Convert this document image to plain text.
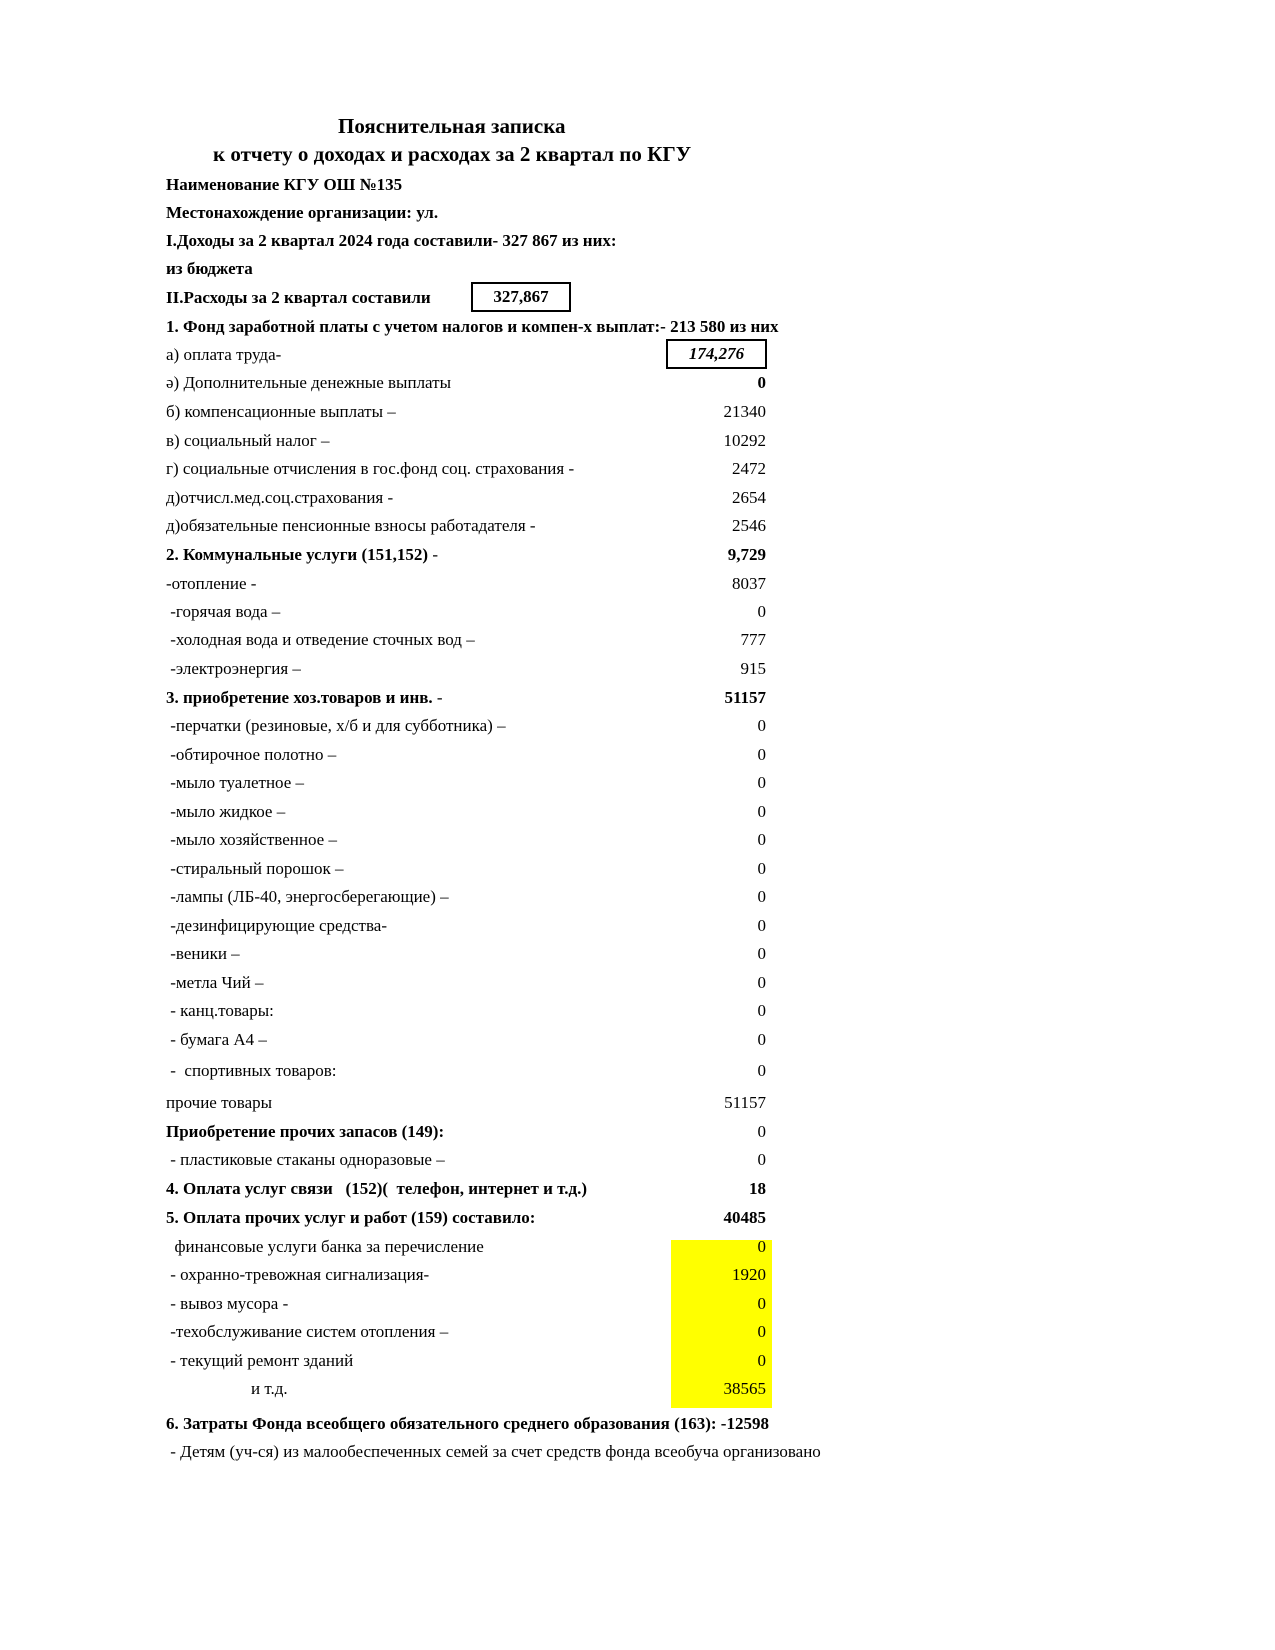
Пояснительная записка
к отчету о доходах и расходах за 2 квартал по КГУ
Наименование КГУ ОШ №135
Местонахождение организации: ул.
I.Доходы за 2 квартал 2024 года составили- 327 867 из них:
из бюджета
II.Расходы за 2 квартал составили	327,867
1. Фонд заработной платы с учетом налогов и компен-х выплат:- 213 580 из них
а) оплата труда-	174,276
ә) Дополнительные денежные выплаты	0
б) компенсационные выплаты –	21340
в) социальный налог –	10292
г) социальные отчисления в гос.фонд соц. страхования -	2472
д)отчисл.мед.соц.страхования -	2654
д)обязательные пенсионные взносы работадателя -	2546
2. Коммунальные услуги (151,152) -	9,729
-отопление -	8037
-горячая вода –	0
-холодная вода и отведение сточных вод –	777
-электроэнергия –	915
3. приобретение хоз.товаров и инв. -	51157
-перчатки (резиновые, х/б и для субботника) –	0
-обтирочное полотно –	0
-мыло туалетное –	0
-мыло жидкое –	0
-мыло хозяйственное –	0
-стиральный порошок –	0
-лампы (ЛБ-40, энергосберегающие) –	0
-дезинфицирующие средства-	0
-веники –	0
-метла Чий –	0
- канц.товары:	0
- бумага А4 –	0
-  спортивных товаров:	0
прочие товары	51157
Приобретение прочих запасов (149):	0
- пластиковые стаканы одноразовые –	0
4. Оплата услуг связи   (152)(  телефон, интернет и т.д.)	18
5. Оплата прочих услуг и работ (159) составило:	40485
финансовые услуги банка за перечисление	0
- охранно-тревожная сигнализация-	1920
- вывоз мусора -	0
-техобслуживание систем отопления –	0
- текущий ремонт зданий	0
и т.д.	38565
6. Затраты Фонда всеобщего обязательного среднего образования (163): -12598
- Детям (уч-ся) из малообеспеченных семей за счет средств фонда всеобуча организовано
